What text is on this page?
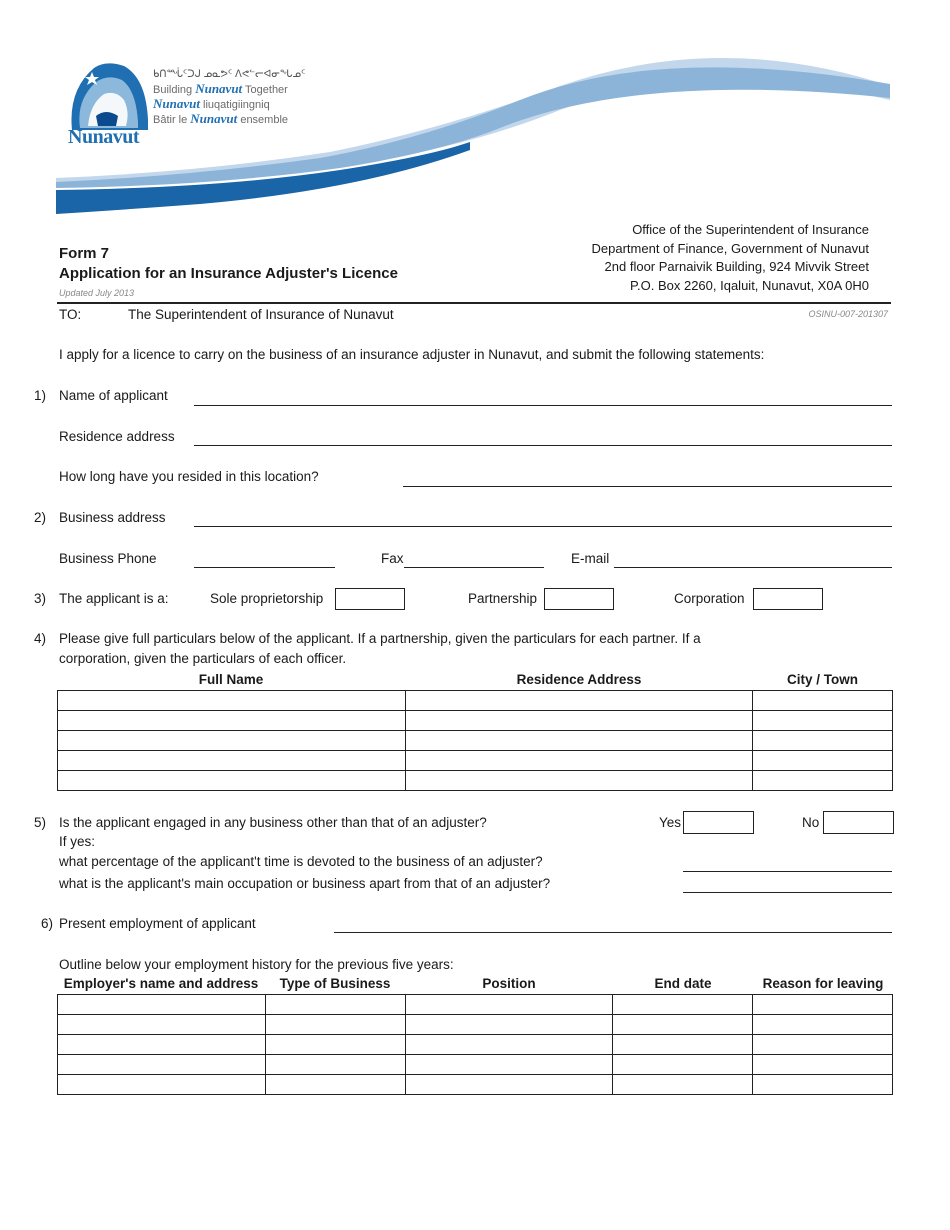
Nunavut
ᑲᑎᙶᑦᑐᒍ ᓄᓇᕗᑦ ᐱᕙᓪᓕᐊᓂᖓᓄᑦ
Building Nunavut Together
Nunavut liuqatigiingniq
Bâtir le Nunavut ensemble
Form 7
Application for an Insurance Adjuster's Licence
Updated July 2013
Office of the Superintendent of Insurance
Department of Finance, Government of Nunavut
2nd floor Parnaivik Building, 924 Mivvik Street
P.O. Box 2260, Iqaluit, Nunavut, X0A 0H0
TO:	The Superintendent of Insurance of Nunavut	OSINU-007-201307
I apply for a licence to carry on the business of an insurance adjuster in Nunavut, and submit the following statements:
1) Name of applicant
Residence address
How long have you resided in this location?
2) Business address
Business Phone	Fax	E-mail
3) The applicant is a:	Sole proprietorship	Partnership	Corporation
4) Please give full particulars below of the applicant. If a partnership, given the particulars for each partner. If a
corporation, given the particulars of each officer.
Full Name	Residence Address	City / Town

5) Is the applicant engaged in any business other than that of an adjuster?	Yes	No
If yes:
what percentage of the applicant't time is devoted to the business of an adjuster?
what is the applicant's main occupation or business apart from that of an adjuster?
6) Present employment of applicant
Outline below your employment history for the previous five years:
Employer's name and address	Type of Business	Position	End date	Reason for leaving
